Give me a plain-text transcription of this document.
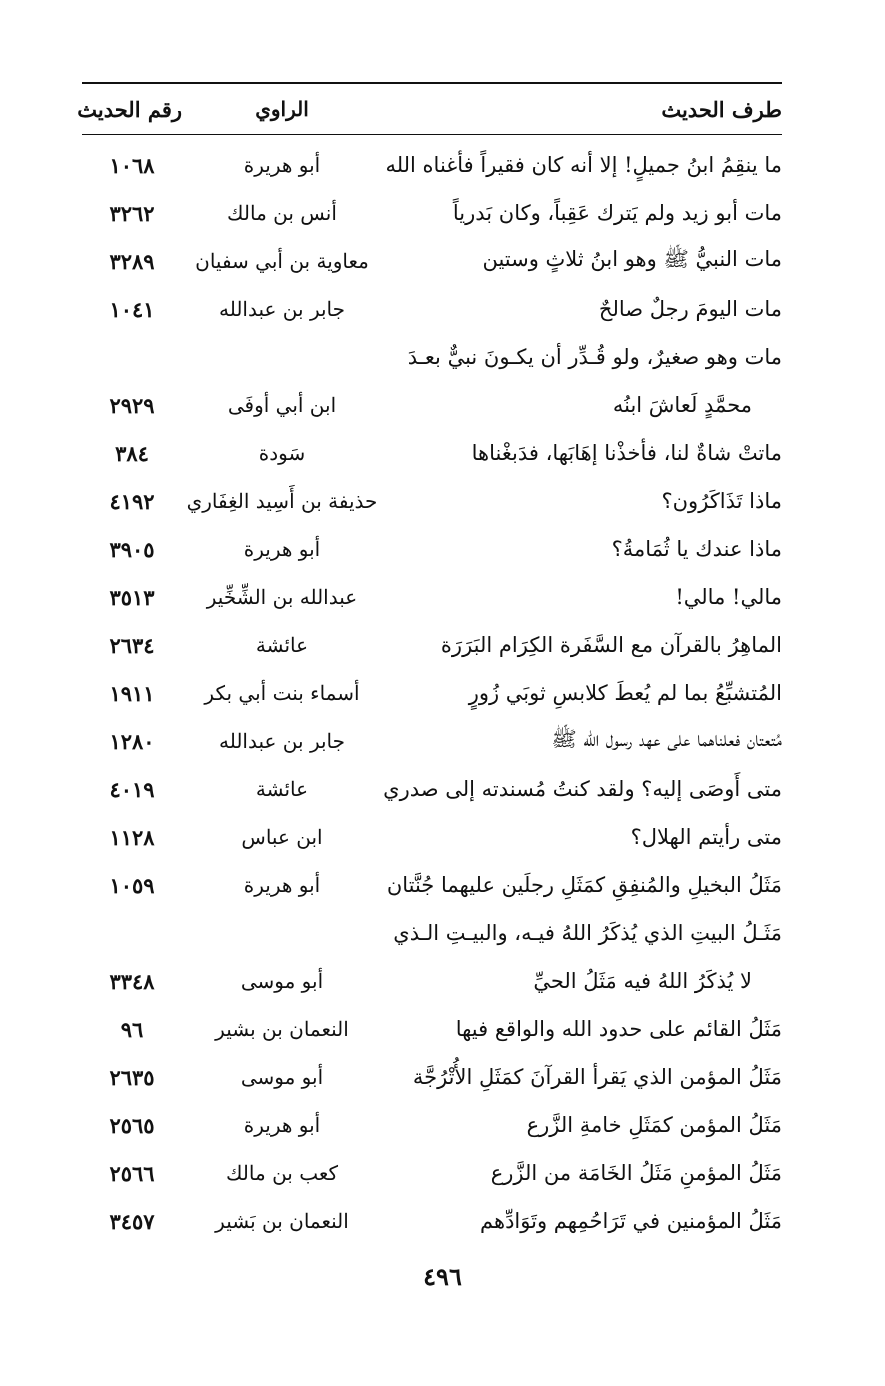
طرف الحديث
الراوي
رقم الحديث
ما ينقِمُ ابنُ جميلٍ! إلا أنه كان فقيراً فأغناه الله
أبو هريرة
١٠٦٨
مات أبو زيد ولم يَترك عَقِباً، وكان بَدرياً
أنس بن مالك
٣٢٦٢
مات النبيُّ ﷺ وهو ابنُ ثلاثٍ وستين
معاوية بن أبي سفيان
٣٢٨٩
مات اليومَ رجلٌ صالحٌ
جابر بن عبدالله
١٠٤١
مات وهو صغيرٌ، ولو قُـدِّر أن يكـونَ نبيٌّ بعـدَ
محمَّدٍ لَعاشَ ابنُه
ابن أبي أوفَى
٢٩٢٩
ماتتْ شاةٌ لنا، فأخذْنا إهَابَها، فدَبغْناها
سَودة
٣٨٤
ماذا تَذَاكَرُون؟
حذيفة بن أَسِيد الغِفَاري
٤١٩٢
ماذا عندك يا ثُمَامةُ؟
أبو هريرة
٣٩٠٥
مالي! مالي!
عبدالله بن الشِّخِّير
٣٥١٣
الماهِرُ بالقرآن مع السَّفَرة الكِرَام البَرَرَة
عائشة
٢٦٣٤
المُتشبِّعُ بما لم يُعطَ كلابسِ ثوبَي زُورٍ
أسماء بنت أبي بكر
١٩١١
مُتعتان فعلناهما على عهد رسول الله ﷺ
جابر بن عبدالله
١٢٨٠
متى أَوصَى إليه؟ ولقد كنتُ مُسندته إلى صدري
عائشة
٤٠١٩
متى رأيتم الهلال؟
ابن عباس
١١٢٨
مَثَلُ البخيلِ والمُنفِقِ كمَثَلِ رجلَين عليهما جُنَّتان
أبو هريرة
١٠٥٩
مَثَـلُ البيتِ الذي يُذكَرُ اللهُ فيـه، والبيـتِ الـذي
لا يُذكَرُ اللهُ فيه مَثَلُ الحيِّ
أبو موسى
٣٣٤٨
مَثَلُ القائم على حدود الله والواقع فيها
النعمان بن بشير
٩٦
مَثَلُ المؤمن الذي يَقرأ القرآنَ كمَثَلِ الأُتْرُجَّة
أبو موسى
٢٦٣٥
مَثَلُ المؤمن كمَثَلِ خامةِ الزَّرع
أبو هريرة
٢٥٦٥
مَثَلُ المؤمنِ مَثَلُ الخَامَة من الزَّرع
كعب بن مالك
٢٥٦٦
مَثَلُ المؤمنين في تَرَاحُمِهم وتَوَادِّهم
النعمان بن بَشير
٣٤٥٧
٤٩٦
